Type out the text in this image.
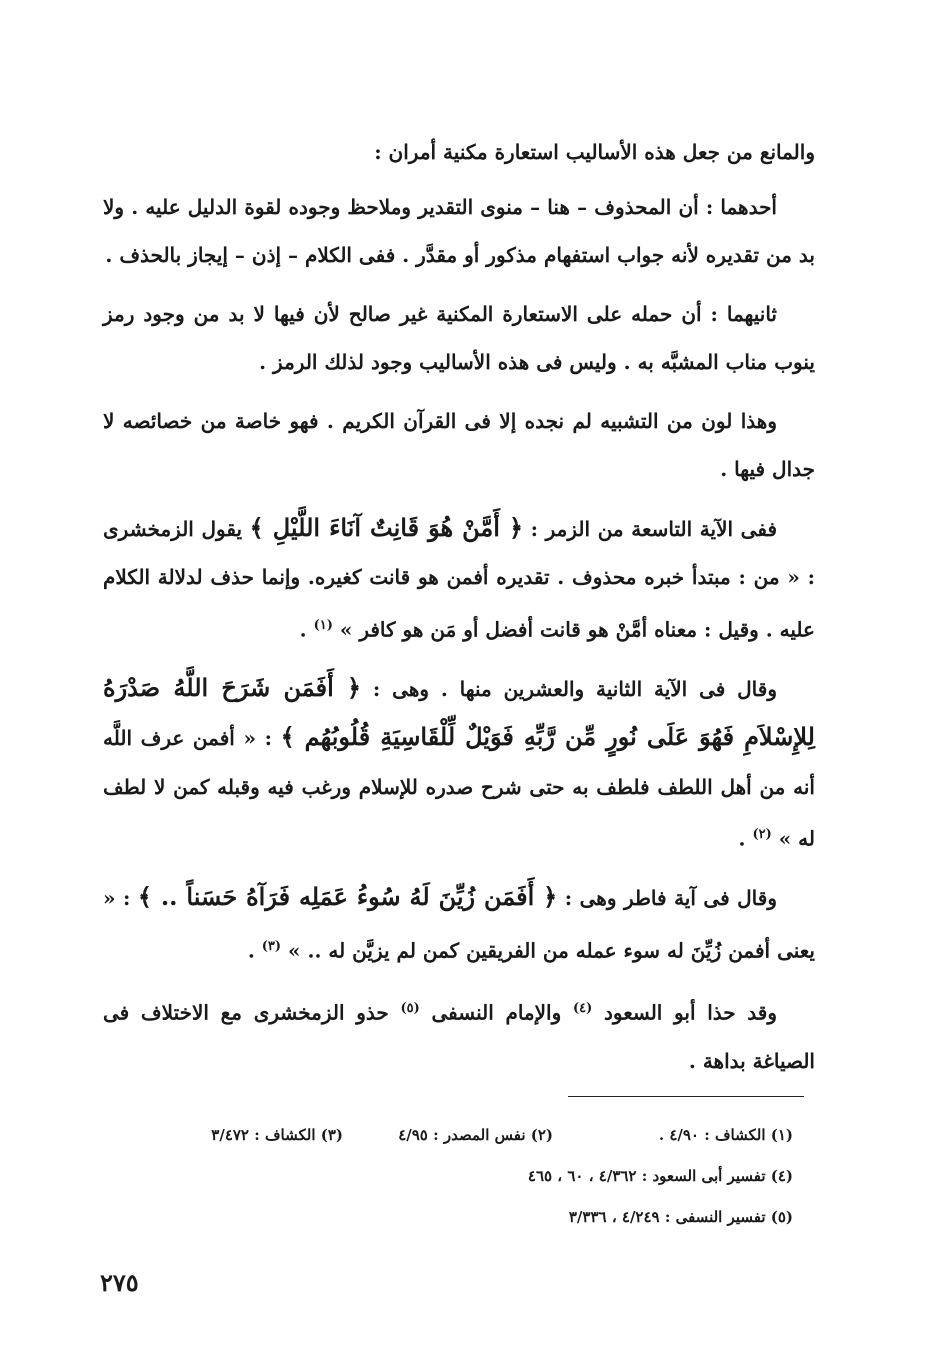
والمانع من جعل هذه الأساليب استعارة مكنية أمران :

أحدهما : أن المحذوف – هنا – منوى التقدير وملاحظ وجوده لقوة الدليل عليه . ولا بد من تقديره لأنه جواب استفهام مذكور أو مقدَّر . ففى الكلام – إذن – إيجاز بالحذف .

ثانيهما : أن حمله على الاستعارة المكنية غير صالح لأن فيها لا بد من وجود رمز ينوب مناب المشبَّه به . وليس فى هذه الأساليب وجود لذلك الرمز .

وهذا لون من التشبيه لم نجده إلا فى القرآن الكريم . فهو خاصة من خصائصه لا جدال فيها .

ففى الآية التاسعة من الزمر : ﴿ أَمَّنْ هُوَ قَانِتٌ آنَاءَ اللَّيْلِ ﴾ يقول الزمخشرى : « من : مبتدأ خبره محذوف . تقديره أفمن هو قانت كغيره. وإنما حذف لدلالة الكلام عليه . وقيل : معناه أمَّنْ هو قانت أفضل أو مَن هو كافر » $^{(١)}$ .

وقال فى الآية الثانية والعشرين منها . وهى : ﴿ أَفَمَن شَرَحَ اللَّهُ صَدْرَهُ لِلإِسْلاَمِ فَهُوَ عَلَى نُورٍ مِّن رَّبِّهِ فَوَيْلٌ لِّلْقَاسِيَةِ قُلُوبُهُم ﴾ : « أفمن عرف اللَّه أنه من أهل اللطف فلطف به حتى شرح صدره للإسلام ورغب فيه وقبله كمن لا لطف له » $^{(٢)}$ .

وقال فى آية فاطر وهى : ﴿ أَفَمَن زُيِّنَ لَهُ سُوءُ عَمَلِه فَرَآهُ حَسَناً .. ﴾ : « يعنى أفمن زُيِّنَ له سوء عمله من الفريقين كمن لم يزيَّن له .. » $^{(٣)}$ .

وقد حذا أبو السعود $^{(٤)}$ والإمام النسفى $^{(٥)}$ حذو الزمخشرى مع الاختلاف فى الصياغة بداهة .

(١) الكشاف : ٤/٩٠ .
(٢) نفس المصدر : ٤/٩٥
(٣) الكشاف : ٣/٤٧٢
(٤) تفسير أبى السعود : ٤/٣٦٢ ، ٦٠ ، ٤٦٥
(٥) تفسير النسفى : ٤/٢٤٩ ، ٣/٣٣٦
٢٧٥
